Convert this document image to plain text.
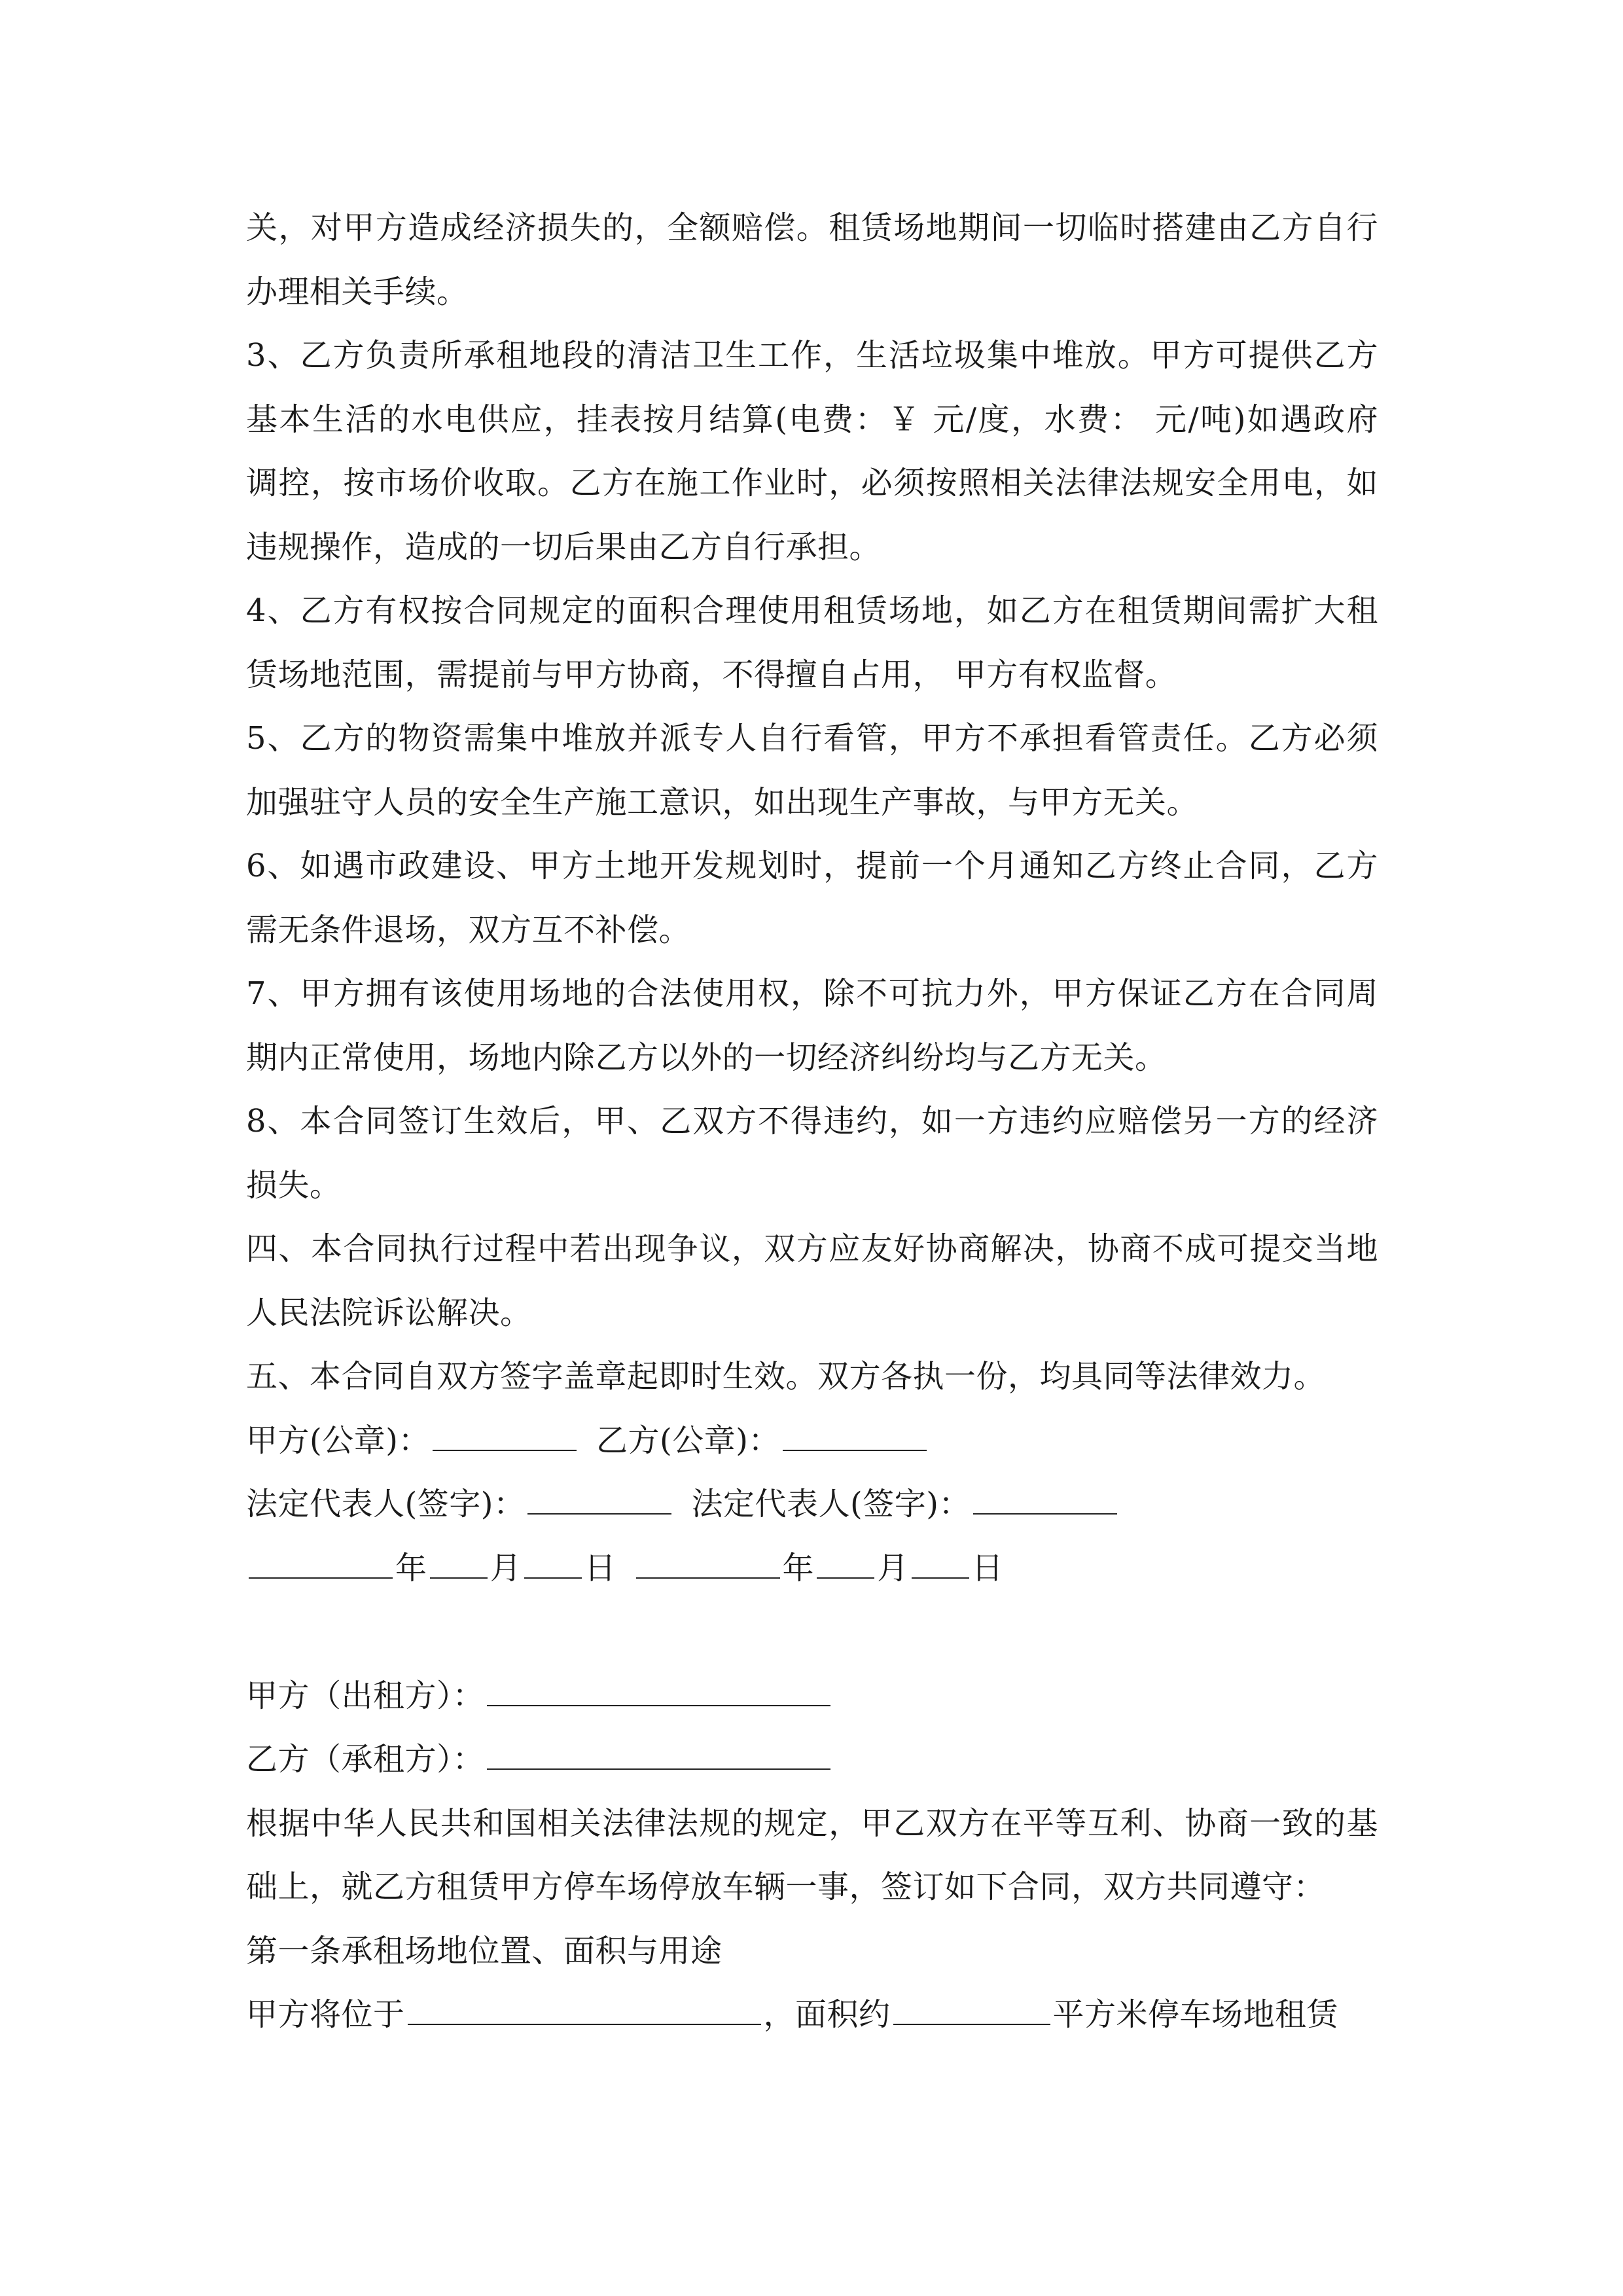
关，对甲方造成经济损失的，全额赔偿。租赁场地期间一切临时搭建由乙方自行

办理相关手续。

3、乙方负责所承租地段的清洁卫生工作，生活垃圾集中堆放。甲方可提供乙方

基本生活的水电供应，挂表按月结算(电费：￥ 元/度，水费： 元/吨)如遇政府

调控，按市场价收取。乙方在施工作业时，必须按照相关法律法规安全用电，如

违规操作，造成的一切后果由乙方自行承担。

4、乙方有权按合同规定的面积合理使用租赁场地，如乙方在租赁期间需扩大租

赁场地范围，需提前与甲方协商，不得擅自占用， 甲方有权监督。

5、乙方的物资需集中堆放并派专人自行看管，甲方不承担看管责任。乙方必须

加强驻守人员的安全生产施工意识，如出现生产事故，与甲方无关。

6、如遇市政建设、甲方土地开发规划时，提前一个月通知乙方终止合同，乙方

需无条件退场，双方互不补偿。

7、甲方拥有该使用场地的合法使用权，除不可抗力外，甲方保证乙方在合同周

期内正常使用，场地内除乙方以外的一切经济纠纷均与乙方无关。

8、本合同签订生效后，甲、乙双方不得违约，如一方违约应赔偿另一方的经济

损失。

四、本合同执行过程中若出现争议，双方应友好协商解决，协商不成可提交当地

人民法院诉讼解决。

五、本合同自双方签字盖章起即时生效。双方各执一份，均具同等法律效力。

甲方(公章)：	乙方(公章)：

法定代表人(签字)：	法定代表人(签字)：

年 月 日	年 月 日

甲方（出租方）：

乙方（承租方）：

根据中华人民共和国相关法律法规的规定，甲乙双方在平等互利、协商一致的基

础上，就乙方租赁甲方停车场停放车辆一事，签订如下合同，双方共同遵守：

第一条承租场地位置、面积与用途

甲方将位于	，面积约	平方米停车场地租赁
